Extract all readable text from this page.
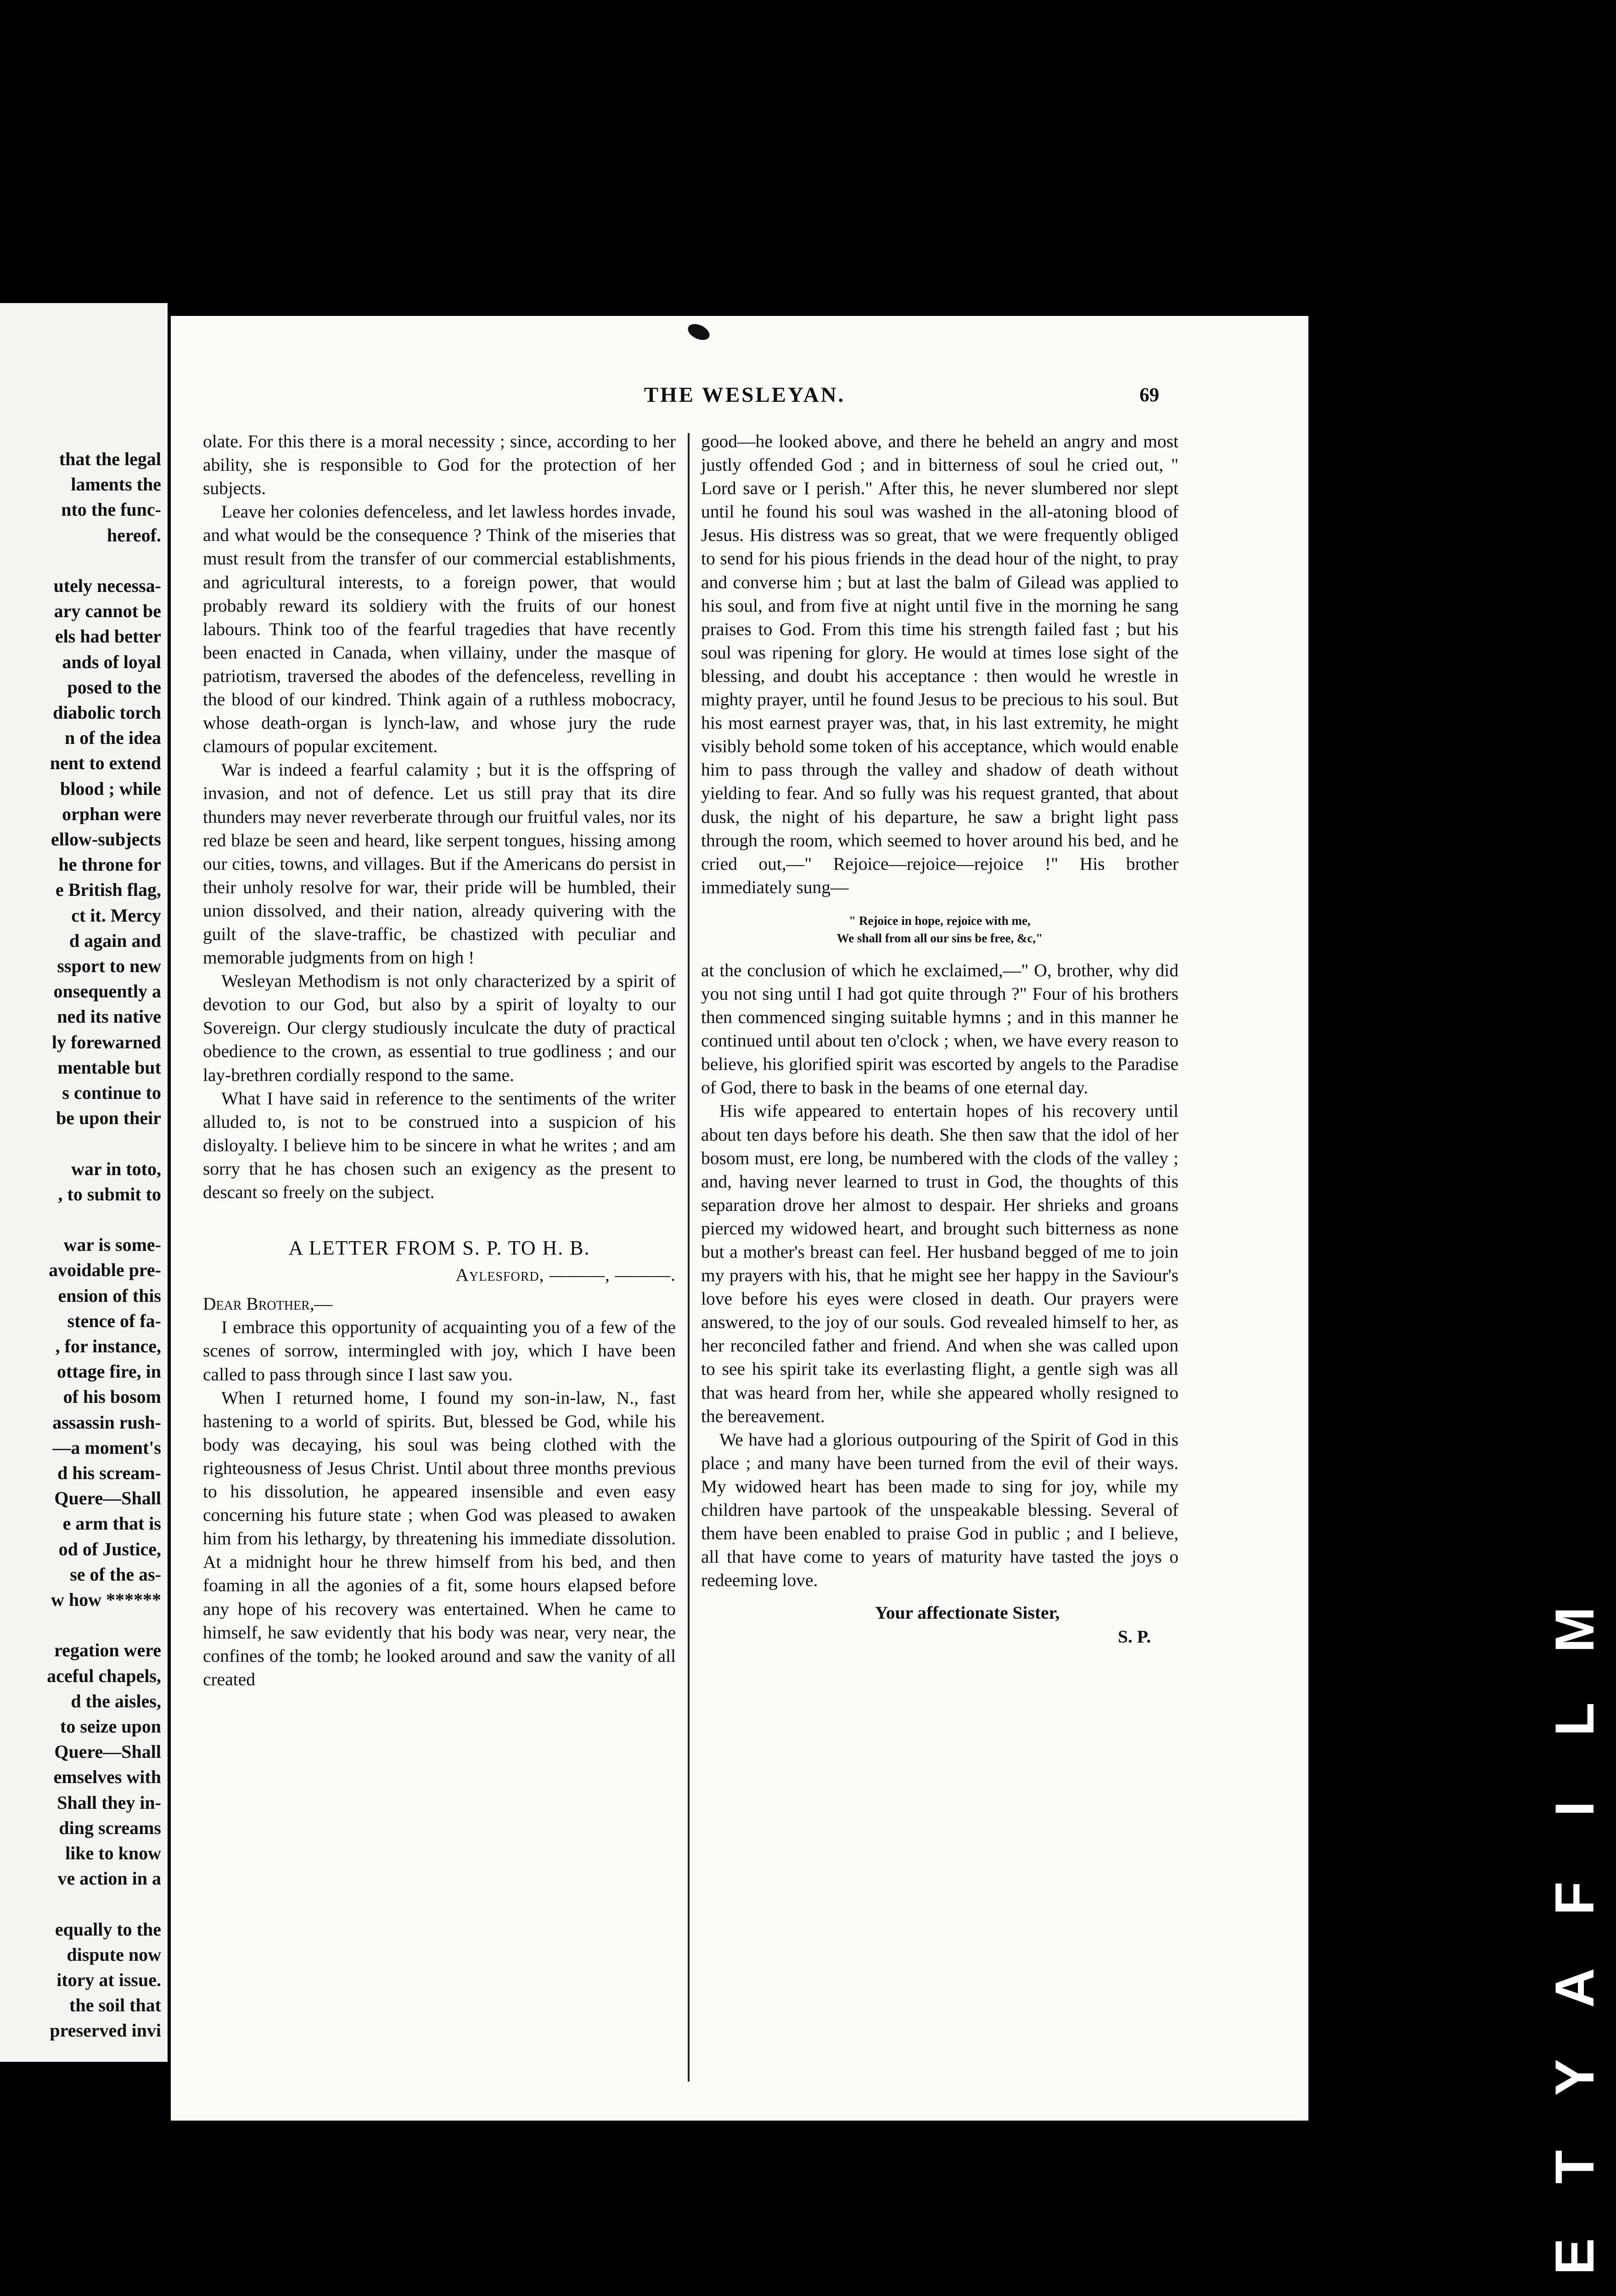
that the legal
laments the
nto the func-
hereof.
utely necessa-
ary cannot be
els had better
ands of loyal
posed to the
diabolic torch
n of the idea
nent to extend
blood ; while
orphan were
ellow-subjects
he throne for
e British flag,
ct it. Mercy
d again and
ssport to new
onsequently a
ned its native
ly forewarned
mentable but
s continue to
be upon their
war in toto,
, to submit to
war is some-
avoidable pre-
ension of this
stence of fa-
, for instance,
ottage fire, in
of his bosom
assassin rush-
—a moment's
d his scream-
Quere—Shall
e arm that is
od of Justice,
se of the as-
w how ******
regation were
aceful chapels,
d the aisles,
to seize upon
Quere—Shall
emselves with
Shall they in-
ding screams
like to know
ve action in a
equally to the
dispute now
itory at issue.
the soil that
preserved invi
THE WESLEYAN.	69

olate. For this there is a moral necessity ; since, according to her ability, she is responsible to God for the protection of her subjects.

Leave her colonies defenceless, and let lawless hordes invade, and what would be the consequence ? Think of the miseries that must result from the transfer of our commercial establishments, and agricultural interests, to a foreign power, that would probably reward its soldiery with the fruits of our honest labours. Think too of the fearful tragedies that have recently been enacted in Canada, when villainy, under the masque of patriotism, traversed the abodes of the defenceless, revelling in the blood of our kindred. Think again of a ruthless mobocracy, whose death-organ is lynch-law, and whose jury the rude clamours of popular excitement.

War is indeed a fearful calamity ; but it is the offspring of invasion, and not of defence. Let us still pray that its dire thunders may never reverberate through our fruitful vales, nor its red blaze be seen and heard, like serpent tongues, hissing among our cities, towns, and villages. But if the Americans do persist in their unholy resolve for war, their pride will be humbled, their union dissolved, and their nation, already quivering with the guilt of the slave-traffic, be chastized with peculiar and memorable judgments from on high !

Wesleyan Methodism is not only characterized by a spirit of devotion to our God, but also by a spirit of loyalty to our Sovereign. Our clergy studiously inculcate the duty of practical obedience to the crown, as essential to true godliness ; and our lay-brethren cordially respond to the same.

What I have said in reference to the sentiments of the writer alluded to, is not to be construed into a suspicion of his disloyalty. I believe him to be sincere in what he writes ; and am sorry that he has chosen such an exigency as the present to descant so freely on the subject.

A LETTER FROM S. P. TO H. B.
Aylesford, ———, ———.
Dear Brother,—

I embrace this opportunity of acquainting you of a few of the scenes of sorrow, intermingled with joy, which I have been called to pass through since I last saw you.

When I returned home, I found my son-in-law, N., fast hastening to a world of spirits. But, blessed be God, while his body was decaying, his soul was being clothed with the righteousness of Jesus Christ. Until about three months previous to his dissolution, he appeared insensible and even easy concerning his future state ; when God was pleased to awaken him from his lethargy, by threatening his immediate dissolution. At a midnight hour he threw himself from his bed, and then foaming in all the agonies of a fit, some hours elapsed before any hope of his recovery was entertained. When he came to himself, he saw evidently that his body was near, very near, the confines of the tomb; he looked around and saw the vanity of all created

good—he looked above, and there he beheld an angry and most justly offended God ; and in bitterness of soul he cried out, " Lord save or I perish." After this, he never slumbered nor slept until he found his soul was washed in the all-atoning blood of Jesus. His distress was so great, that we were frequently obliged to send for his pious friends in the dead hour of the night, to pray and converse him ; but at last the balm of Gilead was applied to his soul, and from five at night until five in the morning he sang praises to God. From this time his strength failed fast ; but his soul was ripening for glory. He would at times lose sight of the blessing, and doubt his acceptance : then would he wrestle in mighty prayer, until he found Jesus to be precious to his soul. But his most earnest prayer was, that, in his last extremity, he might visibly behold some token of his acceptance, which would enable him to pass through the valley and shadow of death without yielding to fear. And so fully was his request granted, that about dusk, the night of his departure, he saw a bright light pass through the room, which seemed to hover around his bed, and he cried out,—" Rejoice—rejoice—rejoice !" His brother immediately sung—

" Rejoice in hope, rejoice with me,
We shall from all our sins be free, &c,"

at the conclusion of which he exclaimed,—" O, brother, why did you not sing until I had got quite through ?" Four of his brothers then commenced singing suitable hymns ; and in this manner he continued until about ten o'clock ; when, we have every reason to believe, his glorified spirit was escorted by angels to the Paradise of God, there to bask in the beams of one eternal day.

His wife appeared to entertain hopes of his recovery until about ten days before his death. She then saw that the idol of her bosom must, ere long, be numbered with the clods of the valley ; and, having never learned to trust in God, the thoughts of this separation drove her almost to despair. Her shrieks and groans pierced my widowed heart, and brought such bitterness as none but a mother's breast can feel. Her husband begged of me to join my prayers with his, that he might see her happy in the Saviour's love before his eyes were closed in death. Our prayers were answered, to the joy of our souls. God revealed himself to her, as her reconciled father and friend. And when she was called upon to see his spirit take its everlasting flight, a gentle sigh was all that was heard from her, while she appeared wholly resigned to the bereavement.

We have had a glorious outpouring of the Spirit of God in this place ; and many have been turned from the evil of their ways. My widowed heart has been made to sing for joy, while my children have partook of the unspeakable blessing. Several of them have been enabled to praise God in public ; and I believe, all that have come to years of maturity have tasted the joys o redeeming love.

Your affectionate Sister,
S. P.	M
L
I
F
A
Y
T
E
